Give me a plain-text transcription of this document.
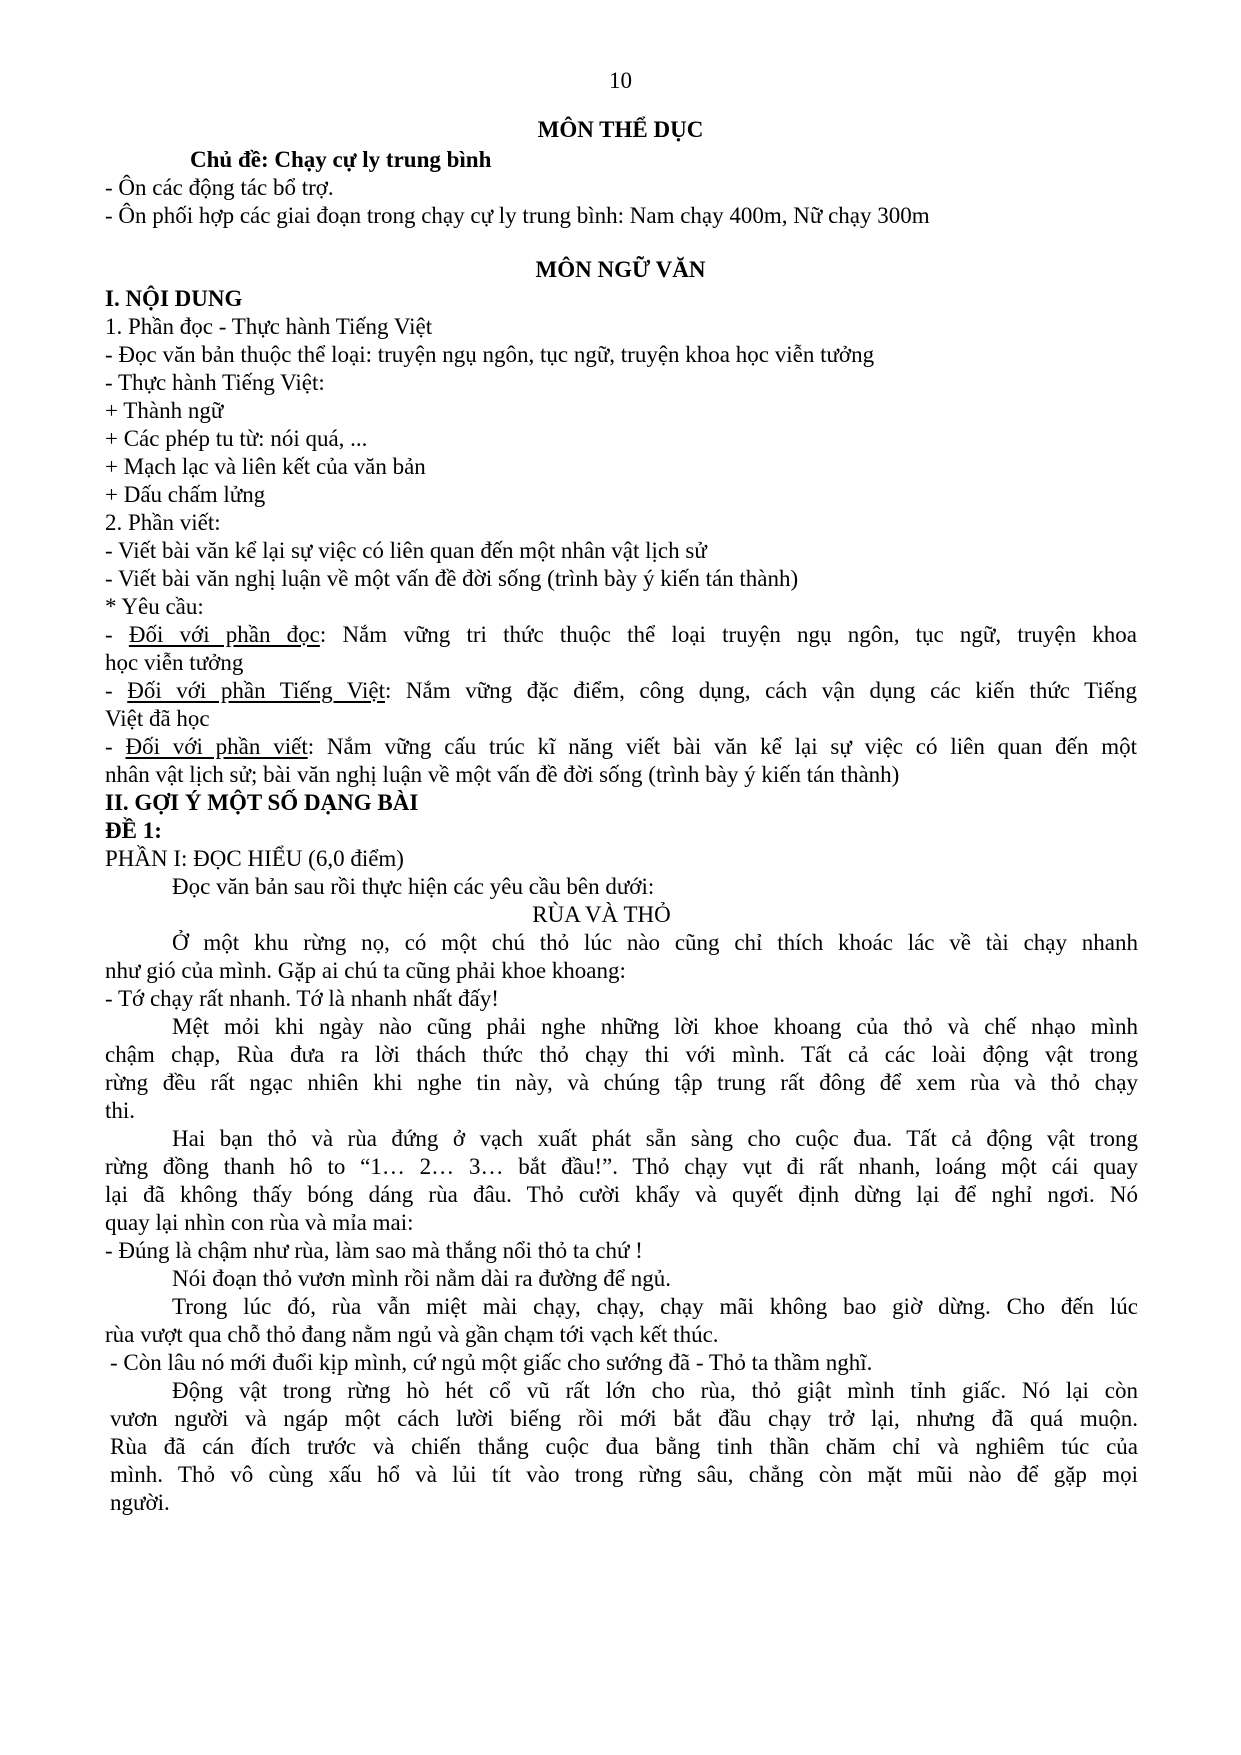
10
MÔN THỂ DỤC
Chủ đề: Chạy cự ly trung bình
- Ôn các động tác bổ trợ.
- Ôn phối hợp các giai đoạn trong chạy cự ly trung bình: Nam chạy 400m, Nữ chạy 300m
MÔN NGỮ VĂN
I. NỘI DUNG
1. Phần đọc - Thực hành Tiếng Việt
- Đọc văn bản thuộc thể loại: truyện ngụ ngôn, tục ngữ, truyện khoa học viễn tưởng
- Thực hành Tiếng Việt:
+ Thành ngữ
+ Các phép tu từ: nói quá, ...
+ Mạch lạc và liên kết của văn bản
+ Dấu chấm lửng
2. Phần viết:
- Viết bài văn kể lại sự việc có liên quan đến một nhân vật lịch sử
- Viết bài văn nghị luận về một vấn đề đời sống (trình bày ý kiến tán thành)
* Yêu cầu:
- Đối với phần đọc: Nắm vững tri thức thuộc thể loại truyện ngụ ngôn, tục ngữ, truyện khoa
học viễn tưởng
- Đối với phần Tiếng Việt: Nắm vững đặc điểm, công dụng, cách vận dụng các kiến thức Tiếng
Việt đã học
- Đối với phần viết: Nắm vững cấu trúc kĩ năng viết bài văn kể lại sự việc có liên quan đến một
nhân vật lịch sử; bài văn nghị luận về một vấn đề đời sống (trình bày ý kiến tán thành)
II. GỢI Ý MỘT SỐ DẠNG BÀI
ĐỀ 1:
PHẦN I: ĐỌC HIỂU (6,0 điểm)
Đọc văn bản sau rồi thực hiện các yêu cầu bên dưới:
RÙA VÀ THỎ
Ở một khu rừng nọ, có một chú thỏ lúc nào cũng chỉ thích khoác lác về tài chạy nhanh
như gió của mình. Gặp ai chú ta cũng phải khoe khoang:
- Tớ chạy rất nhanh. Tớ là nhanh nhất đấy!
Mệt mỏi khi ngày nào cũng phải nghe những lời khoe khoang của thỏ và chế nhạo mình
chậm chạp, Rùa đưa ra lời thách thức thỏ chạy thi với mình. Tất cả các loài động vật trong
rừng đều rất ngạc nhiên khi nghe tin này, và chúng tập trung rất đông để xem rùa và thỏ chạy
thi.
Hai bạn thỏ và rùa đứng ở vạch xuất phát sẵn sàng cho cuộc đua. Tất cả động vật trong
rừng đồng thanh hô to “1… 2… 3… bắt đầu!”. Thỏ chạy vụt đi rất nhanh, loáng một cái quay
lại đã không thấy bóng dáng rùa đâu. Thỏ cười khẩy và quyết định dừng lại để nghỉ ngơi. Nó
quay lại nhìn con rùa và mỉa mai:
- Đúng là chậm như rùa, làm sao mà thắng nổi thỏ ta chứ !
Nói đoạn thỏ vươn mình rồi nằm dài ra đường để ngủ.
Trong lúc đó, rùa vẫn miệt mài chạy, chạy, chạy mãi không bao giờ dừng. Cho đến lúc
rùa vượt qua chỗ thỏ đang nằm ngủ và gần chạm tới vạch kết thúc.
- Còn lâu nó mới đuổi kịp mình, cứ ngủ một giấc cho sướng đã - Thỏ ta thầm nghĩ.
Động vật trong rừng hò hét cổ vũ rất lớn cho rùa, thỏ giật mình tỉnh giấc. Nó lại còn
vươn người và ngáp một cách lười biếng rồi mới bắt đầu chạy trở lại, nhưng đã quá muộn.
Rùa đã cán đích trước và chiến thắng cuộc đua bằng tinh thần chăm chỉ và nghiêm túc của
mình. Thỏ vô cùng xấu hổ và lủi tít vào trong rừng sâu, chẳng còn mặt mũi nào để gặp mọi
người.
